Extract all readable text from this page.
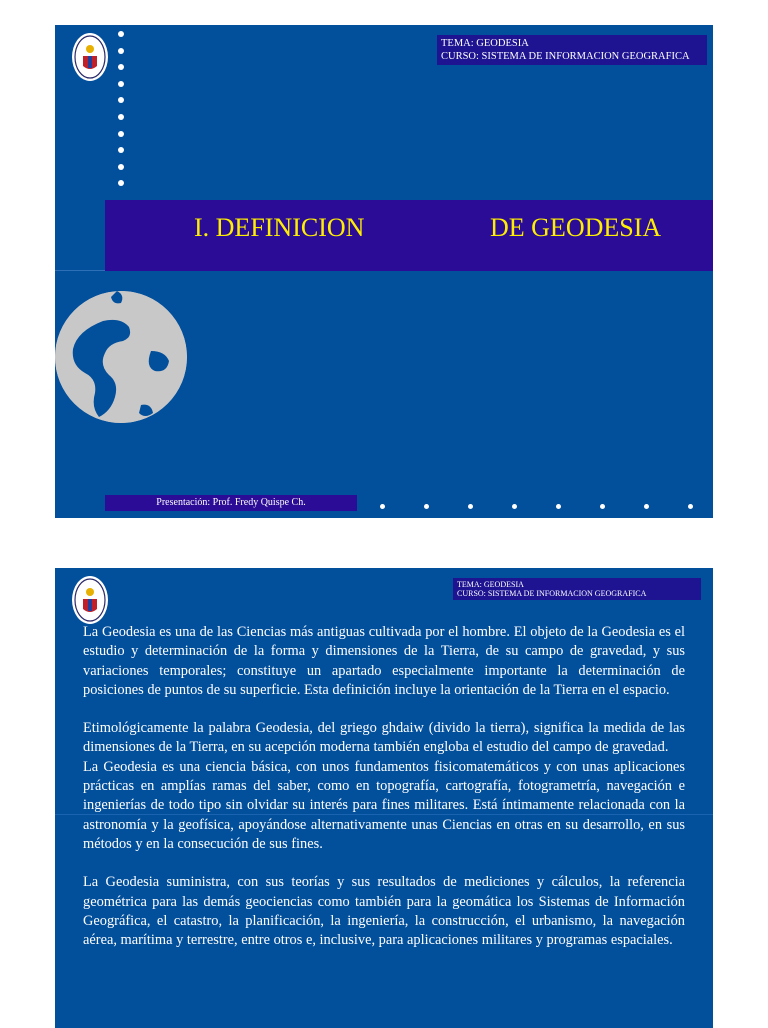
TEMA: GEODESIA
CURSO: SISTEMA DE INFORMACION GEOGRAFICA
I. DEFINICION	DE GEODESIA
Presentación: Prof. Fredy Quispe Ch.
TEMA: GEODESIA
CURSO: SISTEMA DE INFORMACION GEOGRAFICA

La Geodesia es una de las Ciencias más antiguas cultivada por el hombre. El objeto de la Geodesia es el estudio y determinación de la forma y dimensiones de la Tierra, de su campo de gravedad, y sus variaciones temporales; constituye un apartado especialmente importante la determinación de posiciones de puntos de su superficie. Esta definición incluye la orientación de la Tierra en el espacio.

Etimológicamente la palabra Geodesia, del griego ghdaiw (divido la tierra), significa la medida de las dimensiones de la Tierra, en su acepción moderna también engloba el estudio del campo de gravedad.

La Geodesia es una ciencia básica, con unos fundamentos fisicomatemáticos y con unas aplicaciones prácticas en amplías ramas del saber, como en topografía, cartografía, fotogrametría, navegación e ingenierías de todo tipo sin olvidar su interés para fines militares. Está íntimamente relacionada con la astronomía y la geofísica, apoyándose alternativamente unas Ciencias en otras en su desarrollo, en sus métodos y en la consecución de sus fines.

La Geodesia suministra, con sus teorías y sus resultados de mediciones y cálculos, la referencia geométrica para las demás geociencias como también para la geomática los Sistemas de Información Geográfica, el catastro, la planificación, la ingeniería, la construcción, el urbanismo, la navegación aérea, marítima y terrestre, entre otros e, inclusive, para aplicaciones militares y programas espaciales.
